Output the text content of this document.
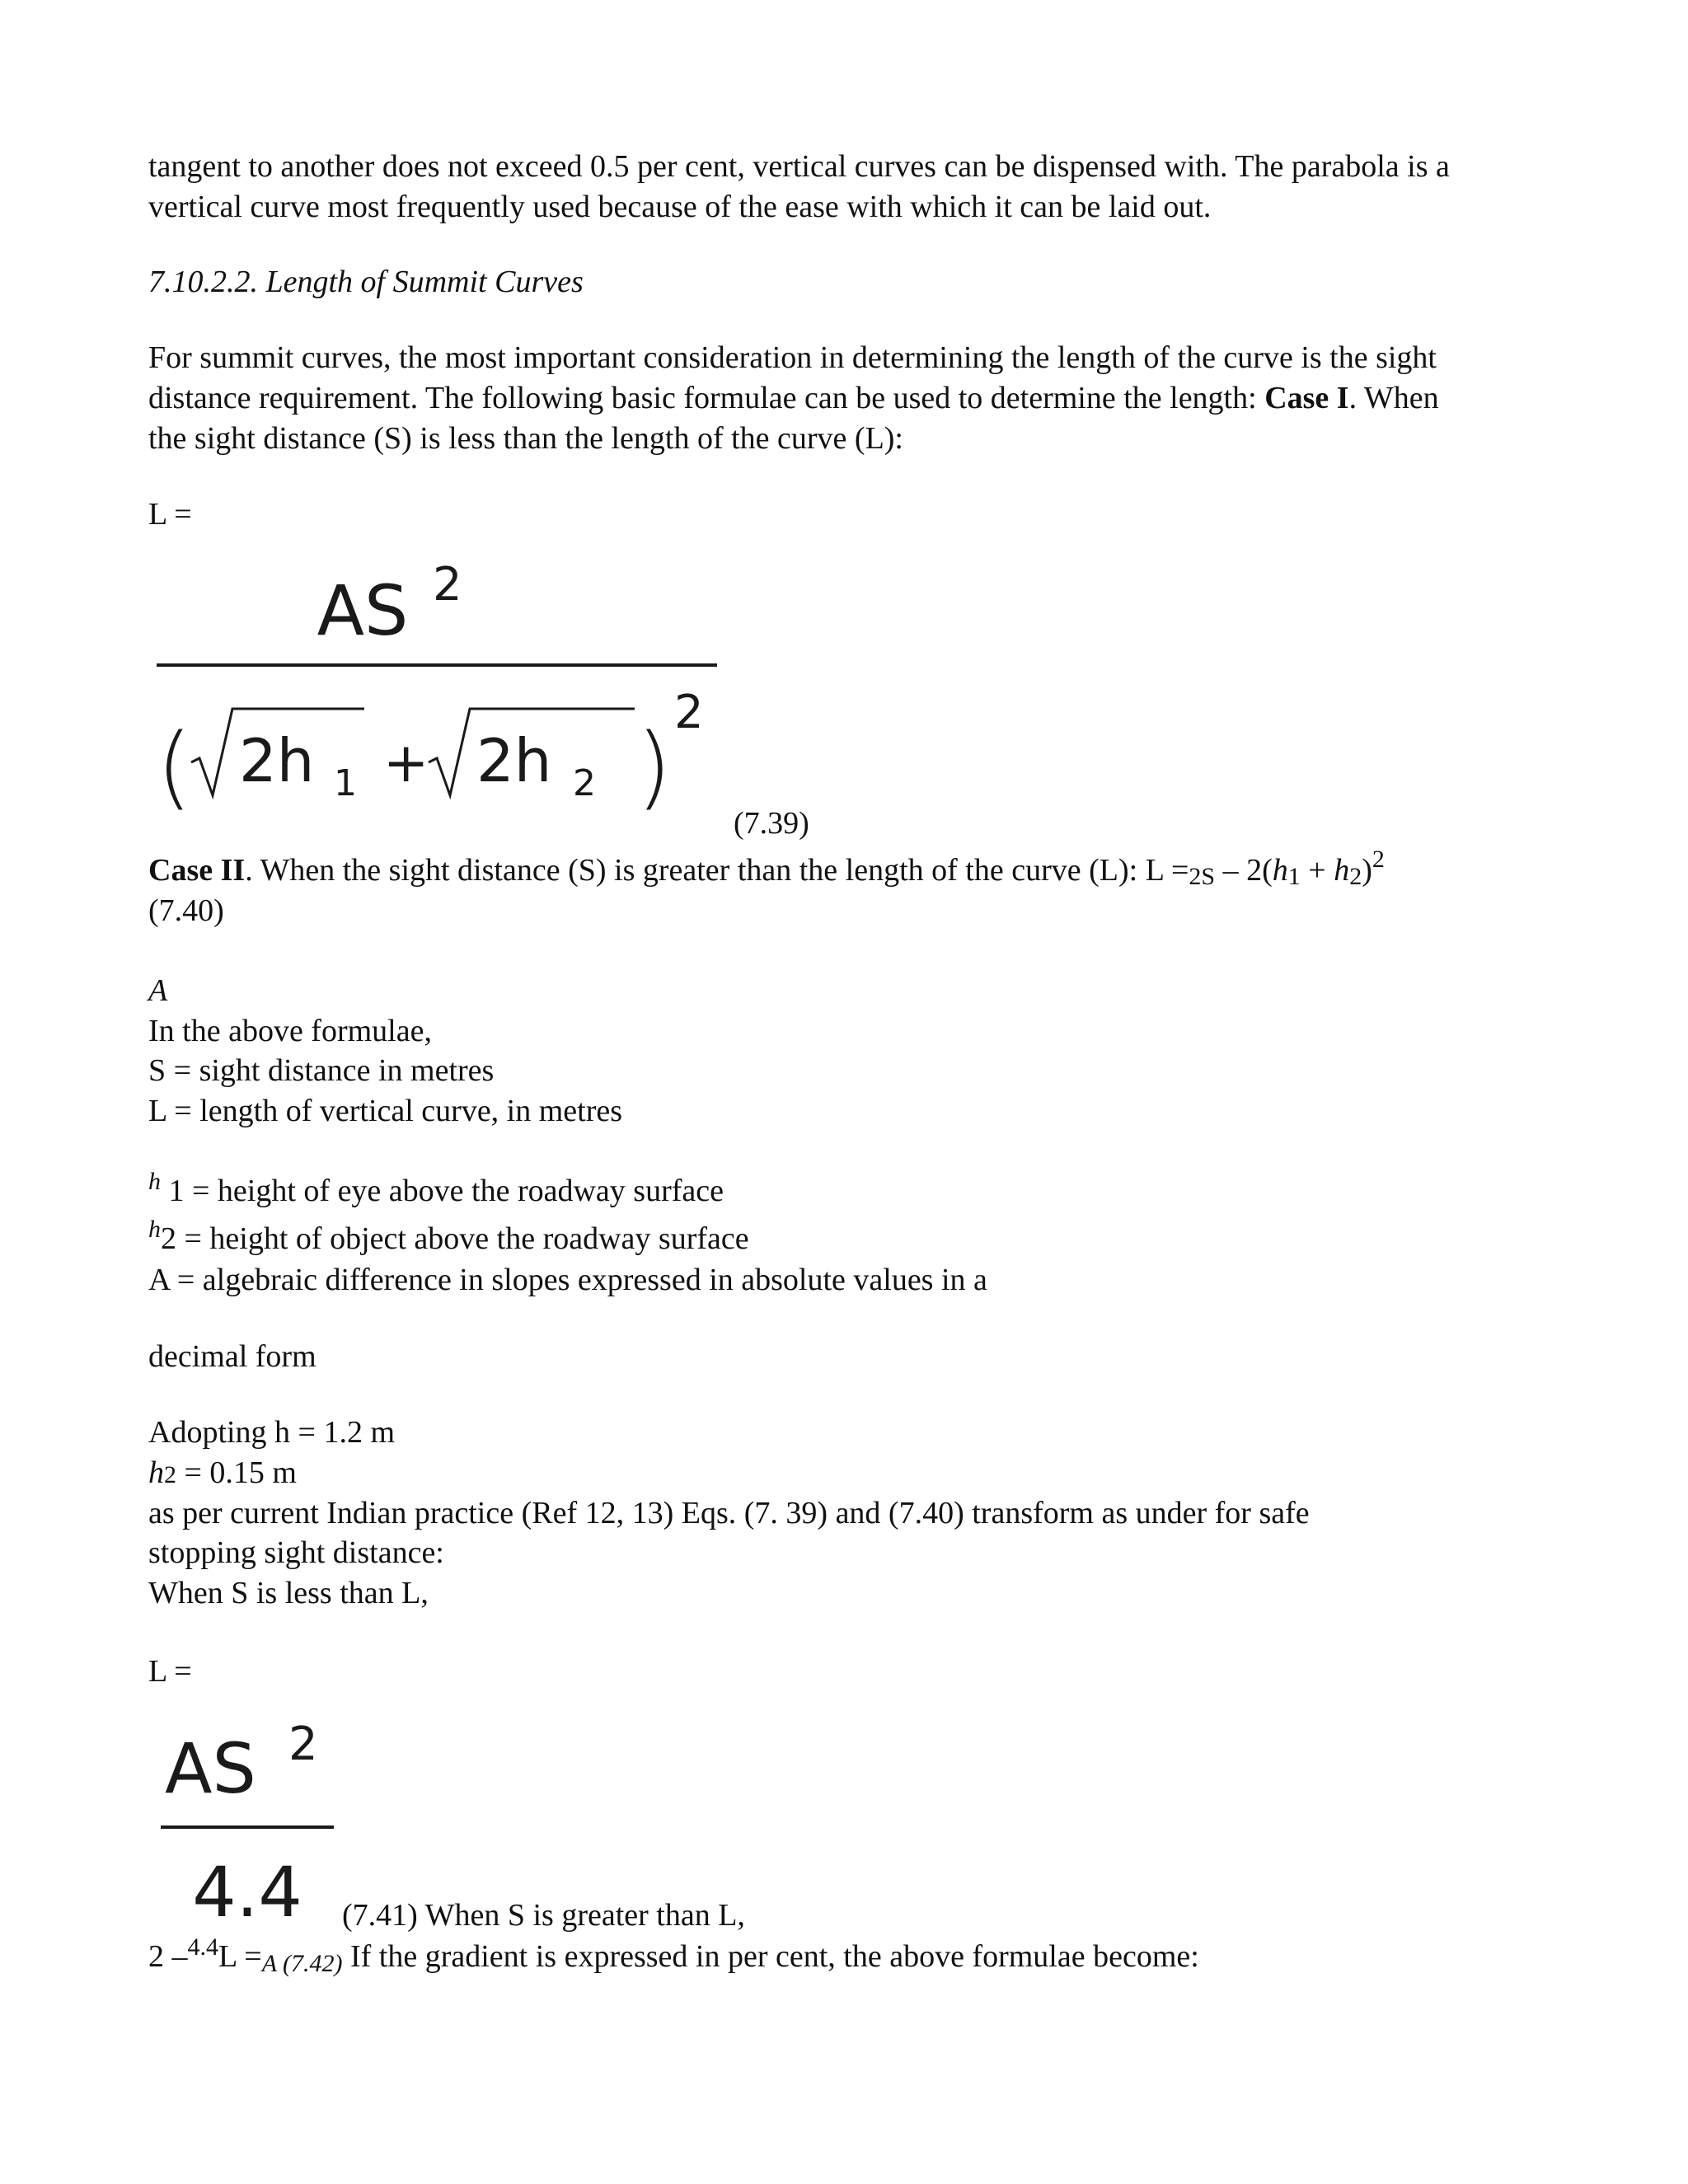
tangent to another does not exceed 0.5 per cent, vertical curves can be dispensed with. The parabola is a

vertical curve most frequently used because of the ease with which it can be laid out.

7.10.2.2. Length of Summit Curves

For summit curves, the most important consideration in determining the length of the curve is the sight

distance requirement. The following basic formulae can be used to determine the length: Case I. When

the sight distance (S) is less than the length of the curve (L):

L =

AS 2
( 2h 1 + 2h 2 )
2

(7.39)

Case II. When the sight distance (S) is greater than the length of the curve (L): $L =2S - 2(h1 + h2)^2$

(7.40)

A

In the above formulae,

S = sight distance in metres

L = length of vertical curve, in metres

$^h$ 1 = height of eye above the roadway surface

$^h$2 = height of object above the roadway surface

A = algebraic difference in slopes expressed in absolute values in a

decimal form

Adopting h = 1.2 m

h2 = 0.15 m

as per current Indian practice (Ref 12, 13) Eqs. (7. 39) and (7.40) transform as under for safe

stopping sight distance:

When S is less than L,

L =

AS 2
4.4 (7.41) When S is greater than L,

2 –$^{4.4}$L =A (7.42) If the gradient is expressed in per cent, the above formulae become:
